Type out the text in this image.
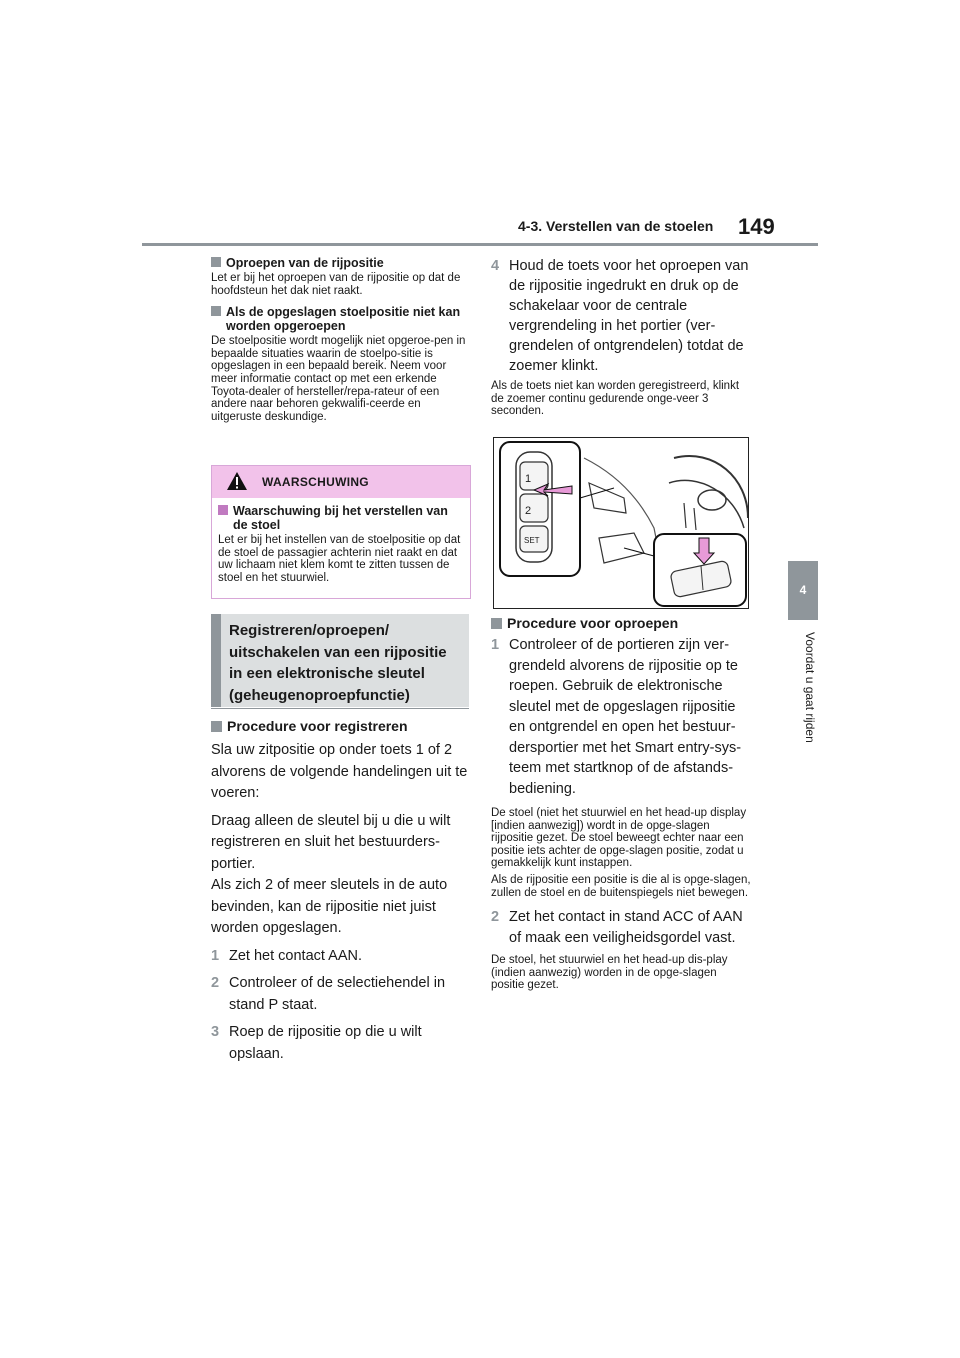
4-3. Verstellen van de stoelen 149
4
Voordat u gaat rijden

Oproepen van de rijpositie

Let er bij het oproepen van de rijpositie op dat de hoofdsteun het dak niet raakt.

Als de opgeslagen stoelpositie niet kan worden opgeroepen

De stoelpositie wordt mogelijk niet opgeroe-pen in bepaalde situaties waarin de stoelpo-sitie is opgeslagen in een bepaald bereik. Neem voor meer informatie contact op met een erkende Toyota-dealer of hersteller/repa-rateur of een andere naar behoren gekwalifi-ceerde en uitgeruste deskundige.

WAARSCHUWING

Waarschuwing bij het verstellen van de stoel

Let er bij het instellen van de stoelpositie op dat de stoel de passagier achterin niet raakt en dat uw lichaam niet klem komt te zitten tussen de stoel en het stuurwiel.

Registreren/oproepen/ uitschakelen van een rijpositie in een elektronische sleutel (geheugenoproepfunctie)

Procedure voor registreren

Sla uw zitpositie op onder toets 1 of 2 alvorens de volgende handelingen uit te voeren:

Draag alleen de sleutel bij u die u wilt registreren en sluit het bestuurders-portier.

Als zich 2 of meer sleutels in de auto bevinden, kan de rijpositie niet juist worden opgeslagen.

1 Zet het contact AAN.
2 Controleer of de selectiehendel in stand P staat.
3 Roep de rijpositie op die u wilt opslaan.
4 Houd de toets voor het oproepen van de rijpositie ingedrukt en druk op de schakelaar voor de centrale vergrendeling in het portier (ver-grendelen of ontgrendelen) totdat de zoemer klinkt.

Als de toets niet kan worden geregistreerd, klinkt de zoemer continu gedurende onge-veer 3 seconden.

1
2
SET

Procedure voor oproepen

1 Controleer of de portieren zijn ver-grendeld alvorens de rijpositie op te roepen. Gebruik de elektronische sleutel met de opgeslagen rijpositie en ontgrendel en open het bestuur-dersportier met het Smart entry-sys-teem met startknop of de afstands-bediening.

De stoel (niet het stuurwiel en het head-up display [indien aanwezig]) wordt in de opge-slagen rijpositie gezet. De stoel beweegt echter naar een positie iets achter de opge-slagen positie, zodat u gemakkelijk kunt instappen.

Als de rijpositie een positie is die al is opge-slagen, zullen de stoel en de buitenspiegels niet bewegen.

2 Zet het contact in stand ACC of AAN of maak een veiligheidsgordel vast.

De stoel, het stuurwiel en het head-up dis-play (indien aanwezig) worden in de opge-slagen positie gezet.
